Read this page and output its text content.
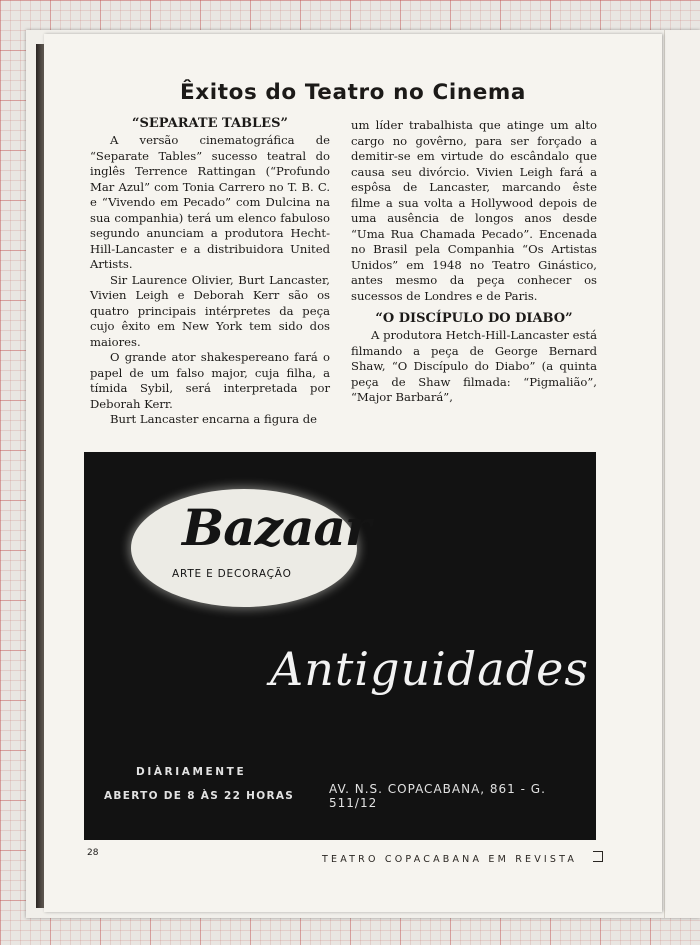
Êxitos do Teatro no Cinema
“SEPARATE TABLES”

A versão cinematográfica de “Separate Tables” sucesso teatral do inglês Terrence Rattingan (“Profundo Mar Azul” com Tonia Carrero no T. B. C. e “Vivendo em Pecado” com Dulcina na sua companhia) terá um elenco fabuloso segundo anunciam a produtora Hecht-Hill-Lancaster e a distribuidora United Artists.

Sir Laurence Olivier, Burt Lancaster, Vivien Leigh e Deborah Kerr são os quatro principais intérpretes da peça cujo êxito em New York tem sido dos maiores.

O grande ator shakespereano fará o papel de um falso major, cuja filha, a tímida Sybil, será interpretada por Deborah Kerr.

Burt Lancaster encarna a figura de

um líder trabalhista que atinge um alto cargo no govêrno, para ser forçado a demitir-se em virtude do escândalo que causa seu divórcio. Vivien Leigh fará a espôsa de Lancaster, marcando êste filme a sua volta a Hollywood depois de uma ausência de longos anos desde “Uma Rua Chamada Pecado”. Encenada no Brasil pela Companhia “Os Artistas Unidos” em 1948 no Teatro Ginástico, antes mesmo da peça conhecer os sucessos de Londres e de Paris.

“O DISCÍPULO DO DIABO”

A produtora Hetch-Hill-Lancaster está filmando a peça de George Bernard Shaw, “O Discípulo do Diabo” (a quinta peça de Shaw filmada: “Pigmalião”, “Major Barbará”,

Bazaar

ARTE E DECORAÇÃO

Antiguidades

DIÀRIAMENTE
ABERTO DE 8 ÀS 22 HORAS	AV. N.S. COPACABANA, 861 - G. 511/12
28
TEATRO COPACABANA EM REVISTA
